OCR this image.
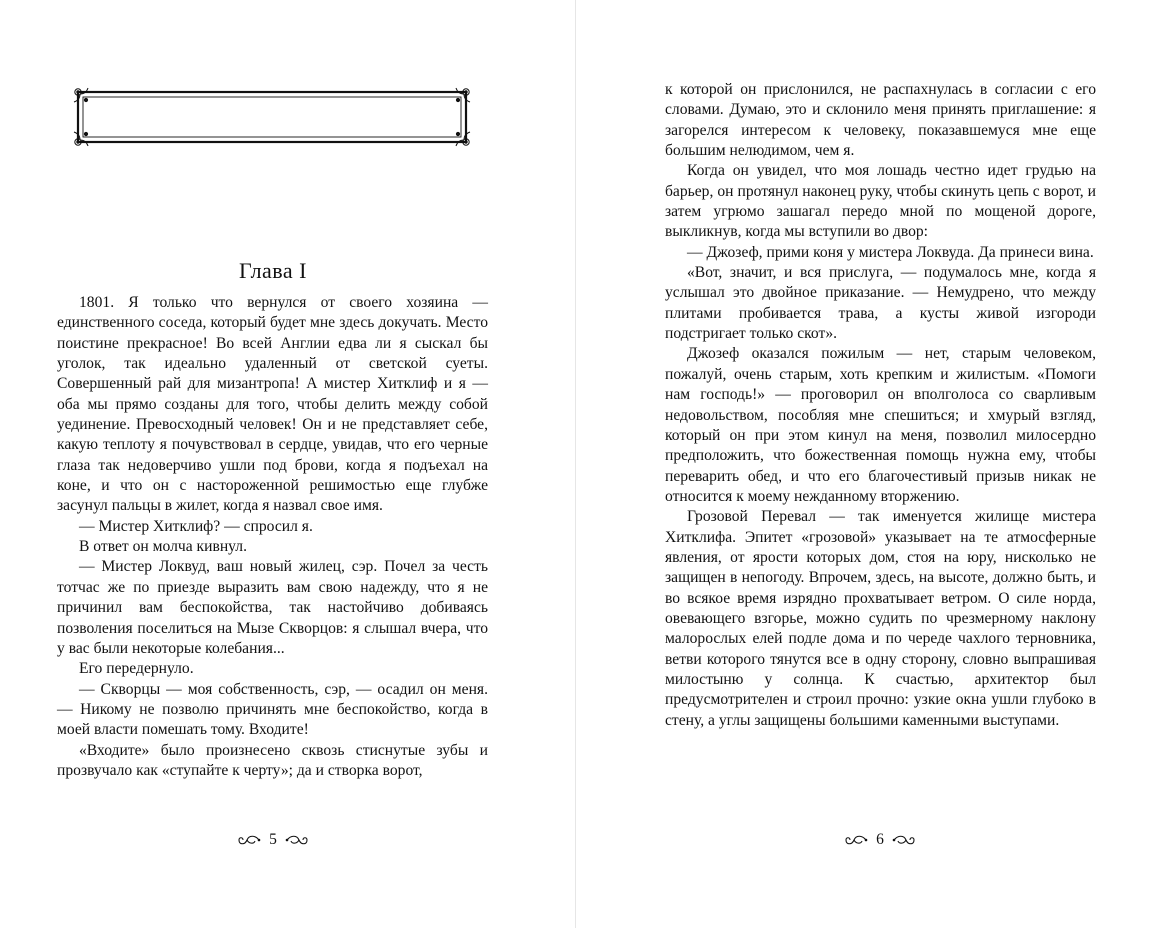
Глава I

1801. Я только что вернулся от своего хозяина — единственного соседа, который будет мне здесь докучать. Место поистине прекрасное! Во всей Англии едва ли я сыскал бы уголок, так идеально удаленный от светской суеты. Совершенный рай для мизантропа! А мистер Хитклиф и я — оба мы прямо созданы для того, чтобы делить между собой уединение. Превосходный человек! Он и не представляет себе, какую теплоту я почувствовал в сердце, увидав, что его черные глаза так недоверчиво ушли под брови, когда я подъехал на коне, и что он с настороженной решимостью еще глубже засунул пальцы в жилет, когда я назвал свое имя.

— Мистер Хитклиф? — спросил я.

В ответ он молча кивнул.

— Мистер Локвуд, ваш новый жилец, сэр. Почел за честь тотчас же по приезде выразить вам свою надежду, что я не причинил вам беспокойства, так настойчиво добиваясь позволения поселиться на Мызе Скворцов: я слышал вчера, что у вас были некоторые колебания...

Его передернуло.

— Скворцы — моя собственность, сэр, — осадил он меня. — Никому не позволю причинять мне беспокойство, когда в моей власти помешать тому. Входите!

«Входите» было произнесено сквозь стиснутые зубы и прозвучало как «ступайте к черту»; да и створка ворот,

5

к которой он прислонился, не распахнулась в согласии с его словами. Думаю, это и склонило меня принять приглашение: я загорелся интересом к человеку, показавшемуся мне еще большим нелюдимом, чем я.

Когда он увидел, что моя лошадь честно идет грудью на барьер, он протянул наконец руку, чтобы скинуть цепь с ворот, и затем угрюмо зашагал передо мной по мощеной дороге, выкликнув, когда мы вступили во двор:

— Джозеф, прими коня у мистера Локвуда. Да принеси вина.

«Вот, значит, и вся прислуга, — подумалось мне, когда я услышал это двойное приказание. — Немудрено, что между плитами пробивается трава, а кусты живой изгороди подстригает только скот».

Джозеф оказался пожилым — нет, старым человеком, пожалуй, очень старым, хоть крепким и жилистым. «Помоги нам господь!» — проговорил он вполголоса со сварливым недовольством, пособляя мне спешиться; и хмурый взгляд, который он при этом кинул на меня, позволил милосердно предположить, что божественная помощь нужна ему, чтобы переварить обед, и что его благочестивый призыв никак не относится к моему нежданному вторжению.

Грозовой Перевал — так именуется жилище мистера Хитклифа. Эпитет «грозовой» указывает на те атмосферные явления, от ярости которых дом, стоя на юру, нисколько не защищен в непогоду. Впрочем, здесь, на высоте, должно быть, и во всякое время изрядно прохватывает ветром. О силе норда, овевающего взгорье, можно судить по чрезмерному наклону малорослых елей подле дома и по череде чахлого терновника, ветви которого тянутся все в одну сторону, словно выпрашивая милостыню у солнца. К счастью, архитектор был предусмотрителен и строил прочно: узкие окна ушли глубоко в стену, а углы защищены большими каменными выступами.

6
